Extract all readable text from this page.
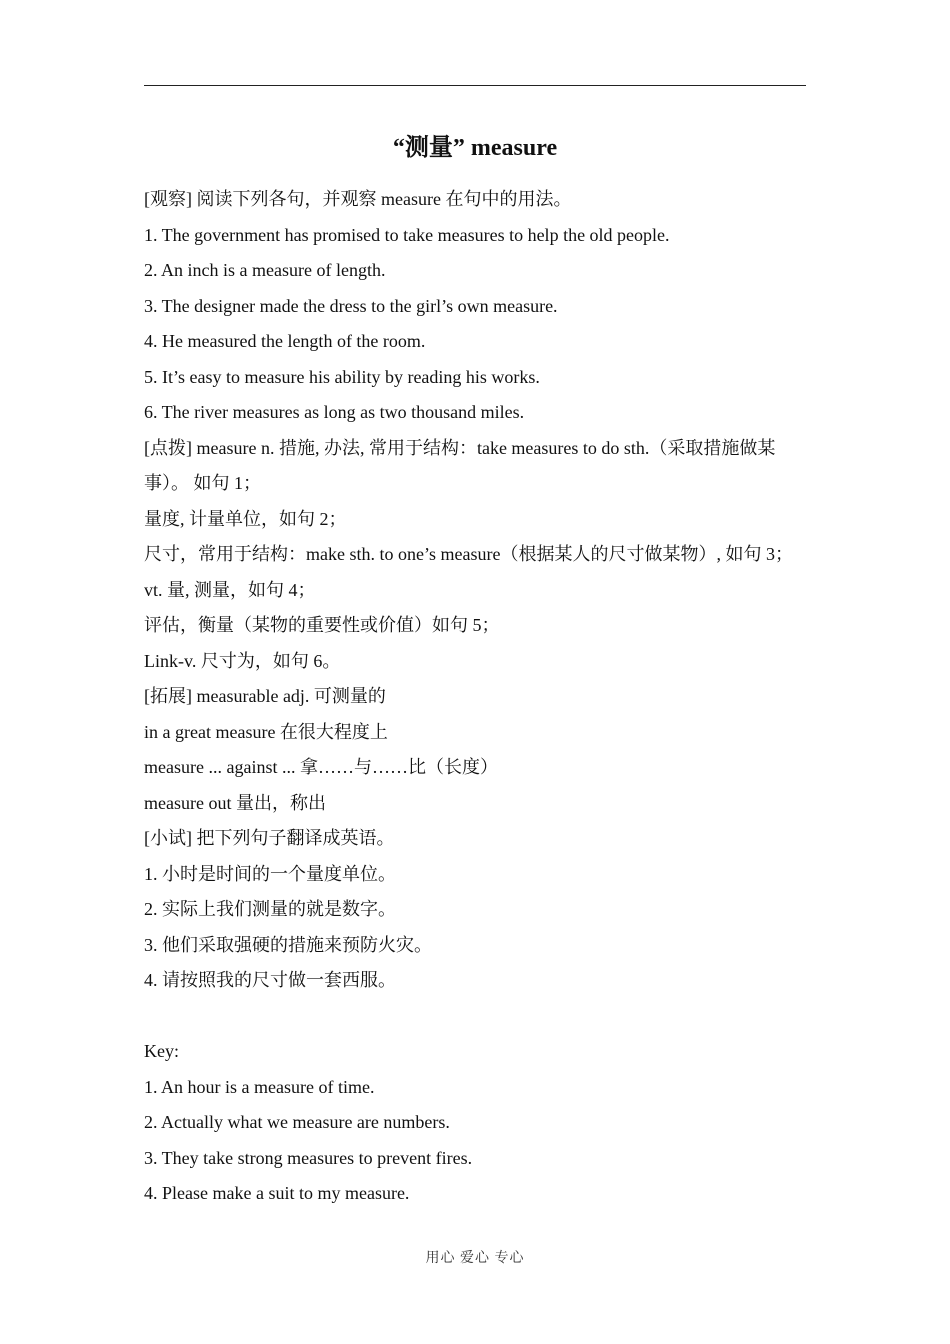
“测量” measure

[观察] 阅读下列各句，并观察 measure 在句中的用法。

1. The government has promised to take measures to help the old people.

2. An inch is a measure of length.

3. The designer made the dress to the girl’s own measure.

4. He measured the length of the room.

5. It’s easy to measure his ability by reading his works.

6. The river measures as long as two thousand miles.

[点拨] measure n. 措施, 办法, 常用于结构：take measures to do sth.（采取措施做某事）。 如句 1；

量度, 计量单位，如句 2；

尺寸，常用于结构：make sth. to one’s measure（根据某人的尺寸做某物）, 如句 3；

vt. 量, 测量，如句 4；

评估，衡量（某物的重要性或价值）如句 5；

Link-v. 尺寸为，如句 6。

[拓展] measurable adj. 可测量的

in a great measure 在很大程度上

measure ... against ... 拿……与……比（长度）

measure out 量出，称出

[小试] 把下列句子翻译成英语。

1. 小时是时间的一个量度单位。

2. 实际上我们测量的就是数字。

3. 他们采取强硬的措施来预防火灾。

4. 请按照我的尺寸做一套西服。

Key:

1. An hour is a measure of time.

2. Actually what we measure are numbers.

3. They take strong measures to prevent fires.

4. Please make a suit to my measure.

用心 爱心 专心
